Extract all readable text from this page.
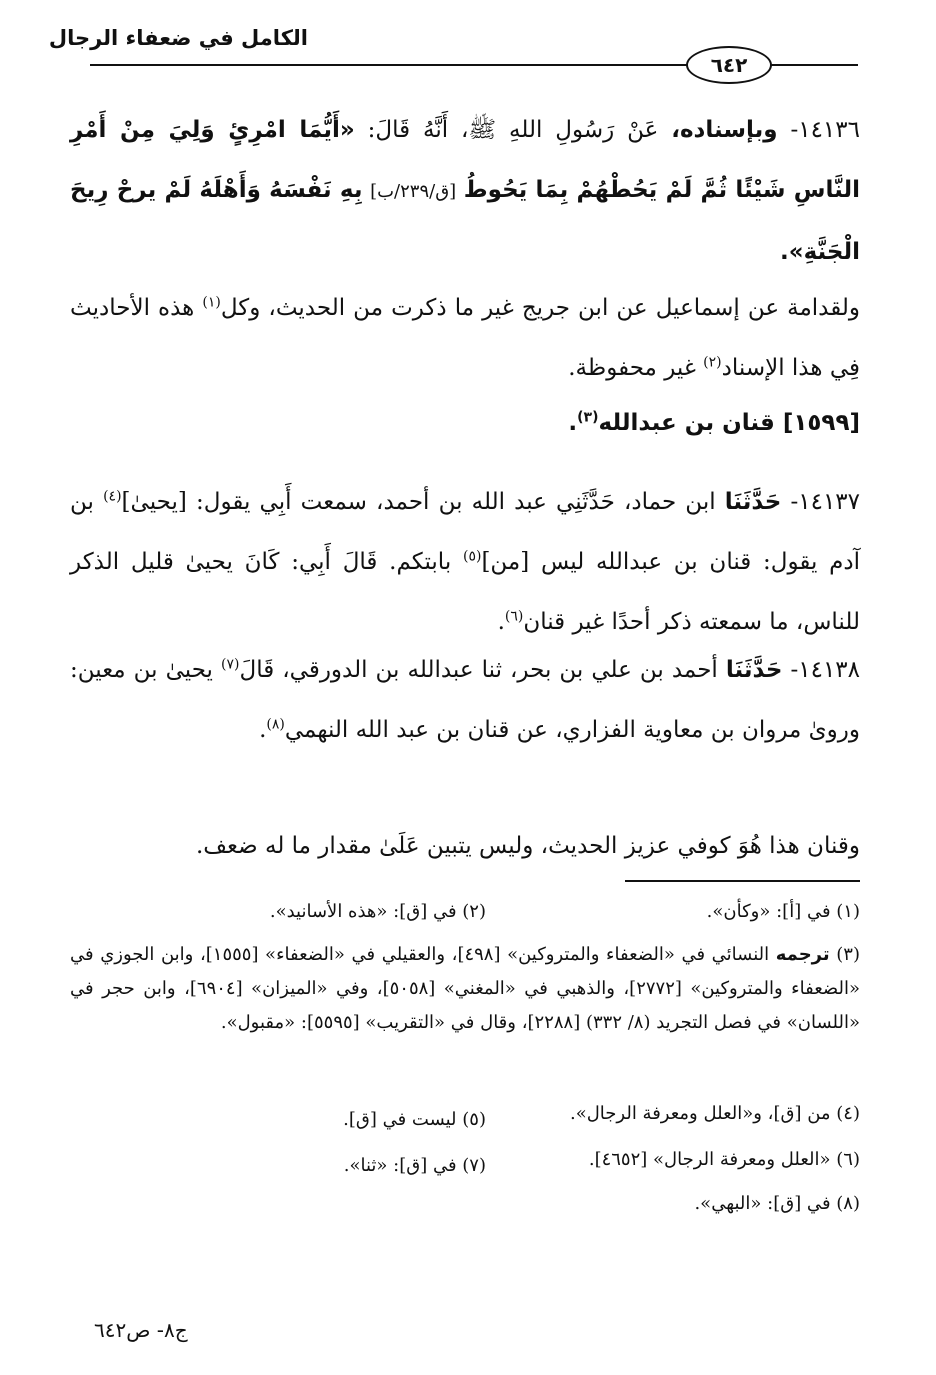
الكامل في ضعفاء الرجال
٦٤٢
١٤١٣٦- وبإسناده، عَنْ رَسُولِ اللهِ ﷺ، أَنَّهُ قَالَ: «أَيُّمَا امْرِئٍ وَلِيَ مِنْ أَمْرِ النَّاسِ شَيْئًا ثُمَّ لَمْ يَحُطْهُمْ بِمَا يَحُوطُ [ق/٢٣٩/ب] بِهِ نَفْسَهُ وَأَهْلَهُ لَمْ يرحْ رِيحَ الْجَنَّةِ».
ولقدامة عن إسماعيل عن ابن جريج غير ما ذكرت من الحديث، وكل$^{(١)}$ هذه الأحاديث فِي هذا الإسناد$^{(٢)}$ غير محفوظة.
[١٥٩٩] قنان بن عبدالله$^{(٣)}$.
١٤١٣٧- حَدَّثَنَا ابن حماد، حَدَّثَنِي عبد الله بن أحمد، سمعت أَبِي يقول: [يحيىٰ]$^{(٤)}$ بن آدم يقول: قنان بن عبدالله ليس [من]$^{(٥)}$ بابتكم. قَالَ أَبِي: كَانَ يحيىٰ قليل الذكر للناس، ما سمعته ذكر أحدًا غير قنان$^{(٦)}$.
١٤١٣٨- حَدَّثَنَا أحمد بن علي بن بحر، ثنا عبدالله بن الدورقي، قَالَ$^{(٧)}$ يحيىٰ بن معين: وروىٰ مروان بن معاوية الفزاري، عن قنان بن عبد الله النهمي$^{(٨)}$.
وقنان هذا هُوَ كوفي عزيز الحديث، وليس يتبين عَلَىٰ مقدار ما له ضعف.
(١) في [أ]: «وكأن».
(٢) في [ق]: «هذه الأسانيد».
(٣) ترجمه النسائي في «الضعفاء والمتروكين» [٤٩٨]، والعقيلي في «الضعفاء» [١٥٥٥]، وابن الجوزي في «الضعفاء والمتروكين» [٢٧٧٢]، والذهبي في «المغني» [٥٠٥٨]، وفي «الميزان» [٦٩٠٤]، وابن حجر في «اللسان» في فصل التجريد (٨/ ٣٣٢) [٢٢٨٨]، وقال في «التقريب» [٥٥٩٥]: «مقبول».
(٤) من [ق]، و«العلل ومعرفة الرجال».
(٥) ليست في [ق].
(٦) «العلل ومعرفة الرجال» [٤٦٥٢].
(٧) في [ق]: «ثنا».
(٨) في [ق]: «البهي».
ج٨- ص٦٤٢
